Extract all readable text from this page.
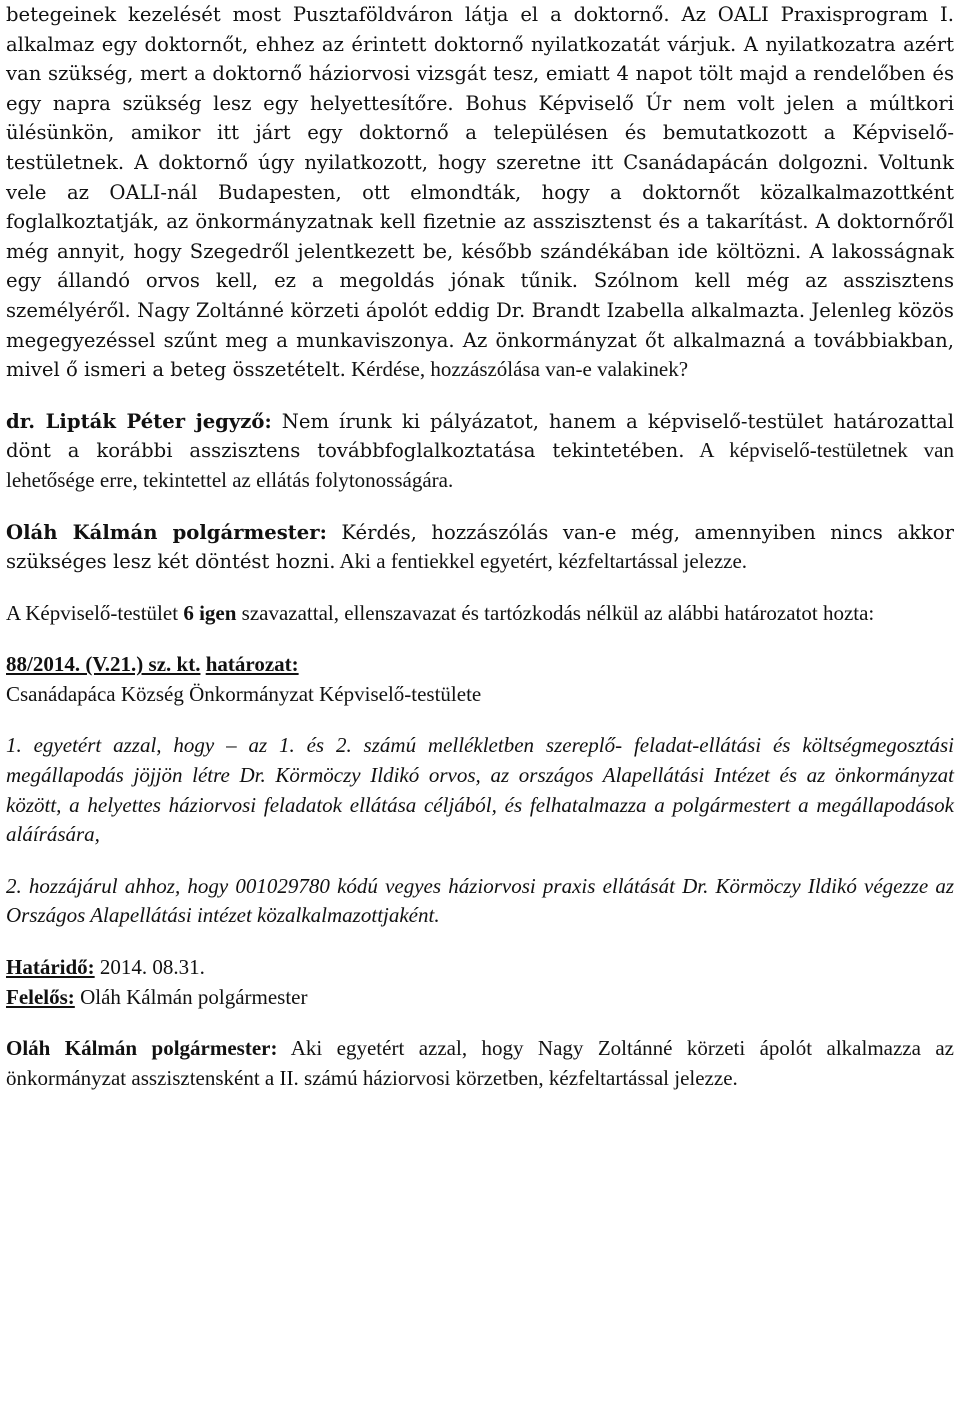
betegeinek kezelését most Pusztaföldváron látja el a doktornő. Az OALI Praxisprogram I. alkalmaz egy doktornőt, ehhez az érintett doktornő nyilatkozatát várjuk. A nyilatkozatra azért van szükség, mert a doktornő háziorvosi vizsgát tesz, emiatt 4 napot tölt majd a rendelőben és egy napra szükség lesz egy helyettesítőre. Bohus Képviselő Úr nem volt jelen a múltkori ülésünkön, amikor itt járt egy doktornő a településen és bemutatkozott a Képviselő-testületnek. A doktornő úgy nyilatkozott, hogy szeretne itt Csanádapácán dolgozni. Voltunk vele az OALI-nál Budapesten, ott elmondták, hogy a doktornőt közalkalmazottként foglalkoztatják, az önkormányzatnak kell fizetnie az asszisztenst és a takarítást. A doktornőről még annyit, hogy Szegedről jelentkezett be, később szándékában ide költözni. A lakosságnak egy állandó orvos kell, ez a megoldás jónak tűnik. Szólnom kell még az asszisztens személyéről. Nagy Zoltánné körzeti ápolót eddig Dr. Brandt Izabella alkalmazta. Jelenleg közös megegyezéssel szűnt meg a munkaviszonya. Az önkormányzat őt alkalmazná a továbbiakban, mivel ő ismeri a beteg összetételt. Kérdése, hozzászólása van-e valakinek?

dr. Lipták Péter jegyző: Nem írunk ki pályázatot, hanem a képviselő-testület határozattal dönt a korábbi asszisztens továbbfoglalkoztatása tekintetében. A képviselő-testületnek van lehetősége erre, tekintettel az ellátás folytonosságára.

Oláh Kálmán polgármester: Kérdés, hozzászólás van-e még, amennyiben nincs akkor szükséges lesz két döntést hozni. Aki a fentiekkel egyetért, kézfeltartással jelezze.

A Képviselő-testület 6 igen szavazattal, ellenszavazat és tartózkodás nélkül az alábbi határozatot hozta:

88/2014. (V.21.) sz. kt. határozat:

Csanádapáca Község Önkormányzat Képviselő-testülete

1. egyetért azzal, hogy – az 1. és 2. számú mellékletben szereplő- feladat-ellátási és költségmegosztási megállapodás jöjjön létre Dr. Körmöczy Ildikó orvos, az országos Alapellátási Intézet és az önkormányzat között, a helyettes háziorvosi feladatok ellátása céljából, és felhatalmazza a polgármestert a megállapodások aláírására,

2. hozzájárul ahhoz, hogy 001029780 kódú vegyes háziorvosi praxis ellátását Dr. Körmöczy Ildikó végezze az Országos Alapellátási intézet közalkalmazottjaként.

Határidő: 2014. 08.31.

Felelős: Oláh Kálmán polgármester

Oláh Kálmán polgármester: Aki egyetért azzal, hogy Nagy Zoltánné körzeti ápolót alkalmazza az önkormányzat asszisztensként a II. számú háziorvosi körzetben, kézfeltartással jelezze.
